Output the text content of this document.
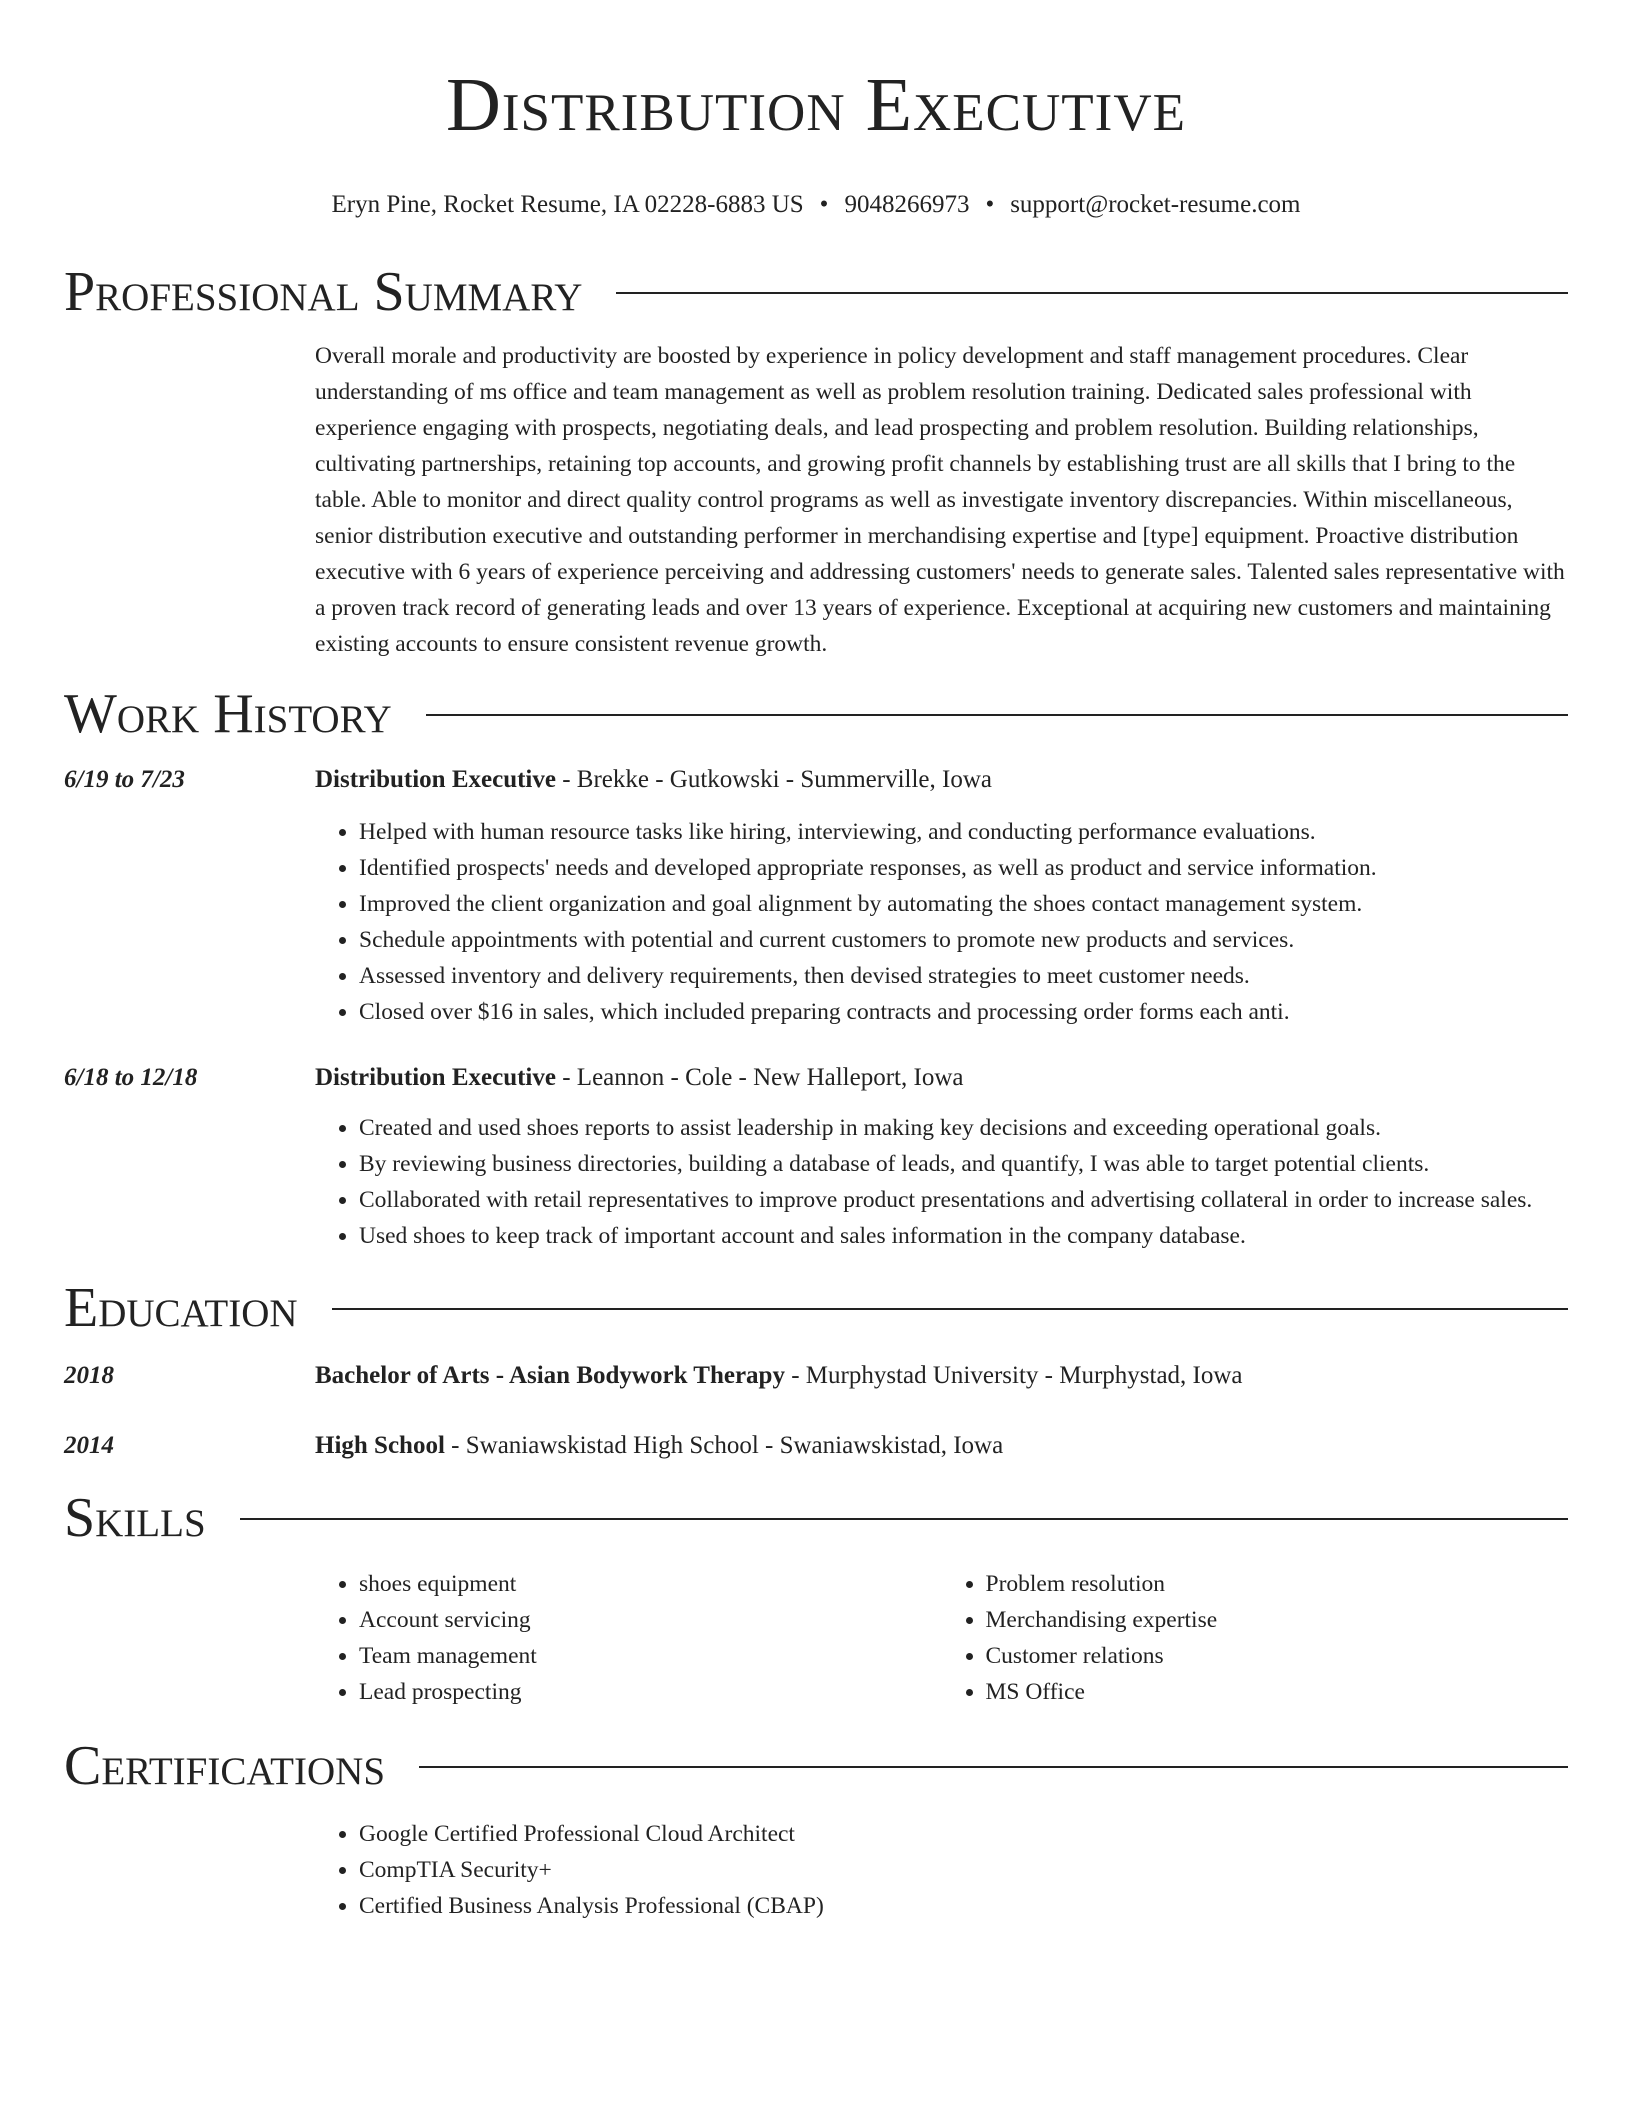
Distribution Executive
Eryn Pine, Rocket Resume, IA 02228-6883 US • 9048266973 • support@rocket-resume.com
Professional Summary

Overall morale and productivity are boosted by experience in policy development and staff management procedures. Clear understanding of ms office and team management as well as problem resolution training. Dedicated sales professional with experience engaging with prospects, negotiating deals, and lead prospecting and problem resolution. Building relationships, cultivating partnerships, retaining top accounts, and growing profit channels by establishing trust are all skills that I bring to the table. Able to monitor and direct quality control programs as well as investigate inventory discrepancies. Within miscellaneous, senior distribution executive and outstanding performer in merchandising expertise and [type] equipment. Proactive distribution executive with 6 years of experience perceiving and addressing customers' needs to generate sales. Talented sales representative with a proven track record of generating leads and over 13 years of experience. Exceptional at acquiring new customers and maintaining existing accounts to ensure consistent revenue growth.

Work History
6/19 to 7/23	Distribution Executive - Brekke - Gutkowski - Summerville, Iowa
• Helped with human resource tasks like hiring, interviewing, and conducting performance evaluations.
• Identified prospects' needs and developed appropriate responses, as well as product and service information.
• Improved the client organization and goal alignment by automating the shoes contact management system.
• Schedule appointments with potential and current customers to promote new products and services.
• Assessed inventory and delivery requirements, then devised strategies to meet customer needs.
• Closed over $16 in sales, which included preparing contracts and processing order forms each anti.
6/18 to 12/18	Distribution Executive - Leannon - Cole - New Halleport, Iowa
• Created and used shoes reports to assist leadership in making key decisions and exceeding operational goals.
• By reviewing business directories, building a database of leads, and quantify, I was able to target potential clients.
• Collaborated with retail representatives to improve product presentations and advertising collateral in order to increase sales.
• Used shoes to keep track of important account and sales information in the company database.
Education
2018	Bachelor of Arts - Asian Bodywork Therapy - Murphystad University - Murphystad, Iowa
2014	High School - Swaniawskistad High School - Swaniawskistad, Iowa
Skills
• shoes equipment
• Account servicing
• Team management
• Lead prospecting
• Problem resolution
• Merchandising expertise
• Customer relations
• MS Office
Certifications
• Google Certified Professional Cloud Architect
• CompTIA Security+
• Certified Business Analysis Professional (CBAP)
